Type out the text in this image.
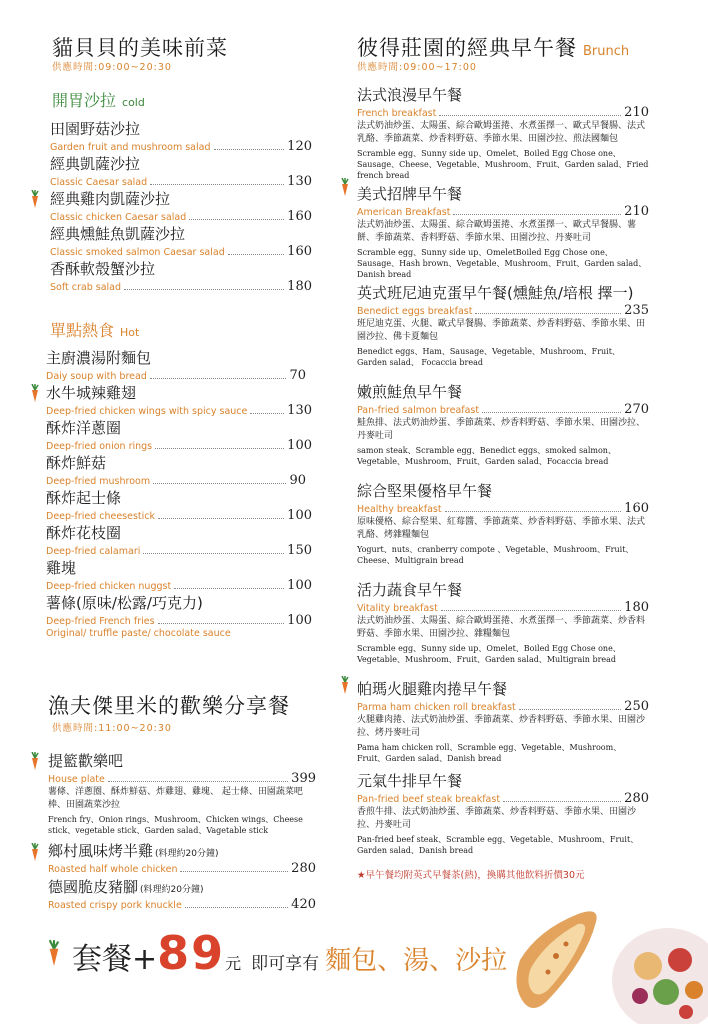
貓貝貝的美味前菜
供應時間:09:00~20:30
開胃沙拉 cold
田園野菇沙拉
Garden fruit and mushroom salad	120
經典凱薩沙拉
Classic Caesar salad	130
經典雞肉凱薩沙拉
Classic chicken Caesar salad	160
經典燻鮭魚凱薩沙拉
Classic smoked salmon Caesar salad	160
香酥軟殼蟹沙拉
Soft crab salad	180
單點熱食 Hot
主廚濃湯附麵包
Daiy soup with bread	70
水牛城辣雞翅
Deep-fried chicken wings with spicy sauce	130
酥炸洋蔥圈
Deep-fried onion rings	100
酥炸鮮菇
Deep-fried mushroom	90
酥炸起士條
Deep-fried cheesestick	100
酥炸花枝圈
Deep-fried calamari	150
雞塊
Deep-fried chicken nuggst	100
薯條(原味/松露/巧克力)
Deep-fried French fries	100
Original/ truffle paste/ chocolate sauce
漁夫傑里米的歡樂分享餐
供應時間:11:00~20:30
提籃歡樂吧
House plate	399
薯條、洋蔥圈、酥炸鮮菇、炸雞翅、雞塊、 起士條、田園蔬菜吧棒、田園蔬菜沙拉
French fry、Onion rings、Mushroom、Chicken wings、Cheese stick、vegetable stick、Garden salad、Vagetable stick
鄉村風味烤半雞 (料理約20分鐘)
Roasted half whole chicken	280
德國脆皮豬腳 (料理約20分鐘)
Roasted crispy pork knuckle	420
彼得莊園的經典早午餐 Brunch
供應時間:09:00~17:00
法式浪漫早午餐
French breakfast	210
法式奶油炒蛋、太陽蛋、綜合歐姆蛋捲、水煮蛋擇一、歐式早餐腸、法式乳酪、季節蔬菜、炒香料野菇、季節水果、田園沙拉、煎法國麵包
Scramble egg、Sunny side up、Omelet、Boiled Egg Chose one、Sausage、Cheese、Vegetable、Mushroom、Fruit、Garden salad、Fried french bread
美式招牌早午餐
American Breakfast	210
法式奶油炒蛋、太陽蛋、綜合歐姆蛋捲、水煮蛋擇一、歐式早餐腸、薯餅、季節蔬菜、香料野菇、季節水果、田園沙拉、丹麥吐司
Scramble egg、Sunny side up、OmeletBoiled Egg Chose one、Sausage、Hash brown、Vegetable、Mushroom、Fruit、Garden salad、Danish bread
英式班尼迪克蛋早午餐(燻鮭魚/培根 擇一)
Benedict eggs breakfast	235
班尼迪克蛋、火腿、歐式早餐腸、季節蔬菜、炒香料野菇、季節水果、田園沙拉、佛卡夏麵包
Benedict eggs、Ham、Sausage、Vegetable、Mushroom、Fruit、Garden salad、 Focaccia bread
嫩煎鮭魚早午餐
Pan-fried salmon breafast	270
鮭魚排、法式奶油炒蛋、季節蔬菜、炒香料野菇、季節水果、田園沙拉、丹麥吐司
samon steak、Scramble egg、Benedict eggs、smoked salmon、Vegetable、Mushroom、Fruit、Garden salad、Focaccia bread
綜合堅果優格早午餐
Healthy breakfast	160
原味優格、綜合堅果、紅莓醬、季節蔬菜、炒香料野菇、季節水果、法式乳酪、烤雜糧麵包
Yogurt、nuts、cranberry compote 、Vegetable、Mushroom、Fruit、Cheese、Multigrain bread
活力蔬食早午餐
Vitality breakfast	180
法式奶油炒蛋、太陽蛋、綜合歐姆蛋捲、水煮蛋擇一、季節蔬菜、炒香料野菇、季節水果、田園沙拉、雜糧麵包
Scramble egg、Sunny side up、Omelet、Boiled Egg Chose one、Vegetable、Mushroom、Fruit、Garden salad、Multigrain bread
帕瑪火腿雞肉捲早午餐
Parma ham chicken roll breakfast	250
火腿雞肉捲、法式奶油炒蛋、季節蔬菜、炒香料野菇、季節水果、田園沙拉、烤丹麥吐司
Pama ham chicken roll、Scramble egg、Vegetable、Mushroom、Fruit、Garden salad、Danish bread
元氣牛排早午餐
Pan-fried beef steak breakfast	280
香煎牛排、法式奶油炒蛋、季節蔬菜、炒香料野菇、季節水果、田園沙拉、丹麥吐司
Pan-fried beef steak、Scramble egg、Vegetable、Mushroom、Fruit、Garden salad、Danish bread
★早午餐均附英式早餐茶(熱)，換購其他飲料折價30元
套餐+ 89 元 即可享有 麵包、湯、沙拉
